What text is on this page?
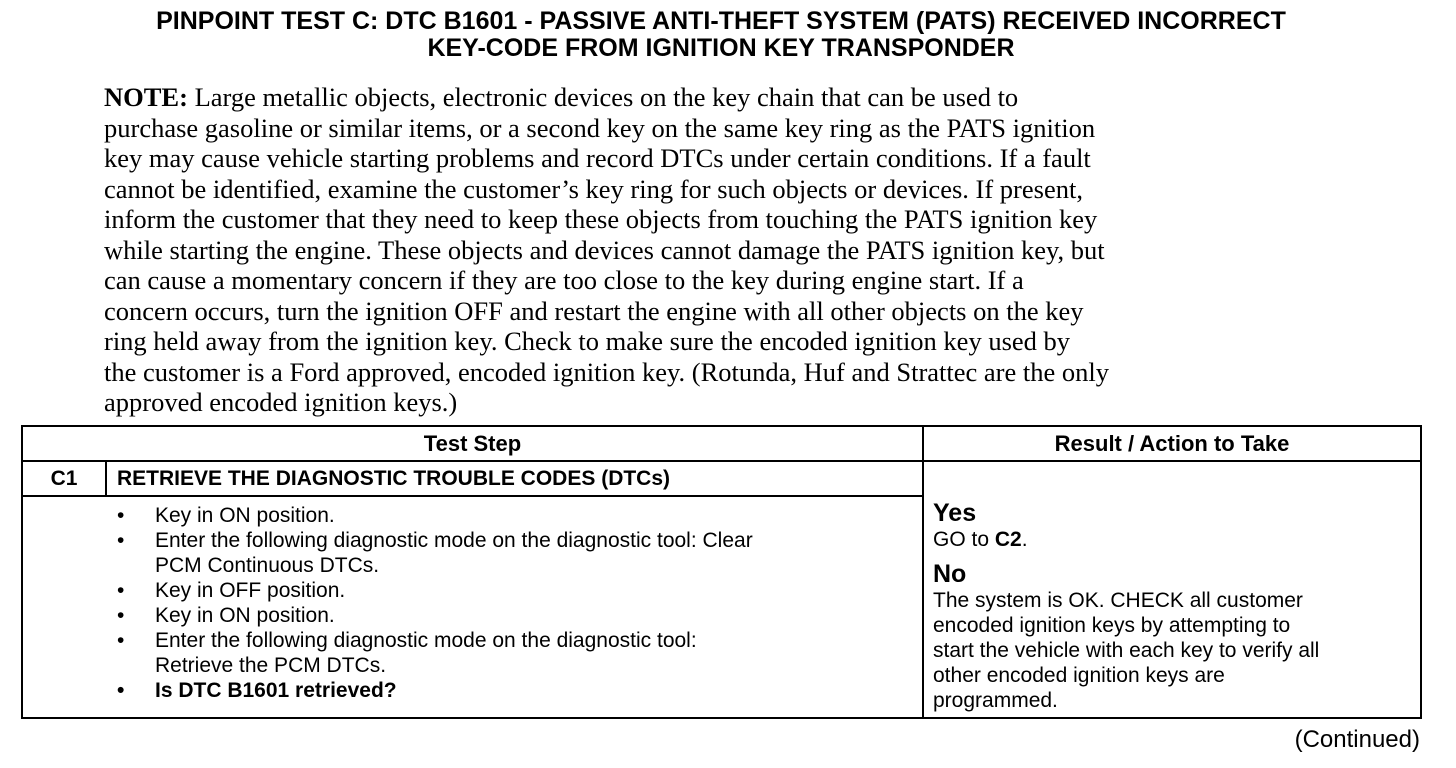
PINPOINT TEST C: DTC B1601 - PASSIVE ANTI-THEFT SYSTEM (PATS) RECEIVED INCORRECT
KEY-CODE FROM IGNITION KEY TRANSPONDER
NOTE: Large metallic objects, electronic devices on the key chain that can be used to
purchase gasoline or similar items, or a second key on the same key ring as the PATS ignition
key may cause vehicle starting problems and record DTCs under certain conditions. If a fault
cannot be identified, examine the customer’s key ring for such objects or devices. If present,
inform the customer that they need to keep these objects from touching the PATS ignition key
while starting the engine. These objects and devices cannot damage the PATS ignition key, but
can cause a momentary concern if they are too close to the key during engine start. If a
concern occurs, turn the ignition OFF and restart the engine with all other objects on the key
ring held away from the ignition key. Check to make sure the encoded ignition key used by
the customer is a Ford approved, encoded ignition key. (Rotunda, Huf and Strattec are the only
approved encoded ignition keys.)
Test Step	Result / Action to Take
C1	RETRIEVE THE DIAGNOSTIC TROUBLE CODES (DTCs)
• Key in ON position.
• Enter the following diagnostic mode on the diagnostic tool: Clear
PCM Continuous DTCs.
• Key in OFF position.
• Key in ON position.
• Enter the following diagnostic mode on the diagnostic tool:
Retrieve the PCM DTCs.
• Is DTC B1601 retrieved?
Yes
GO to C2.
No
The system is OK. CHECK all customer
encoded ignition keys by attempting to
start the vehicle with each key to verify all
other encoded ignition keys are
programmed.
(Continued)
